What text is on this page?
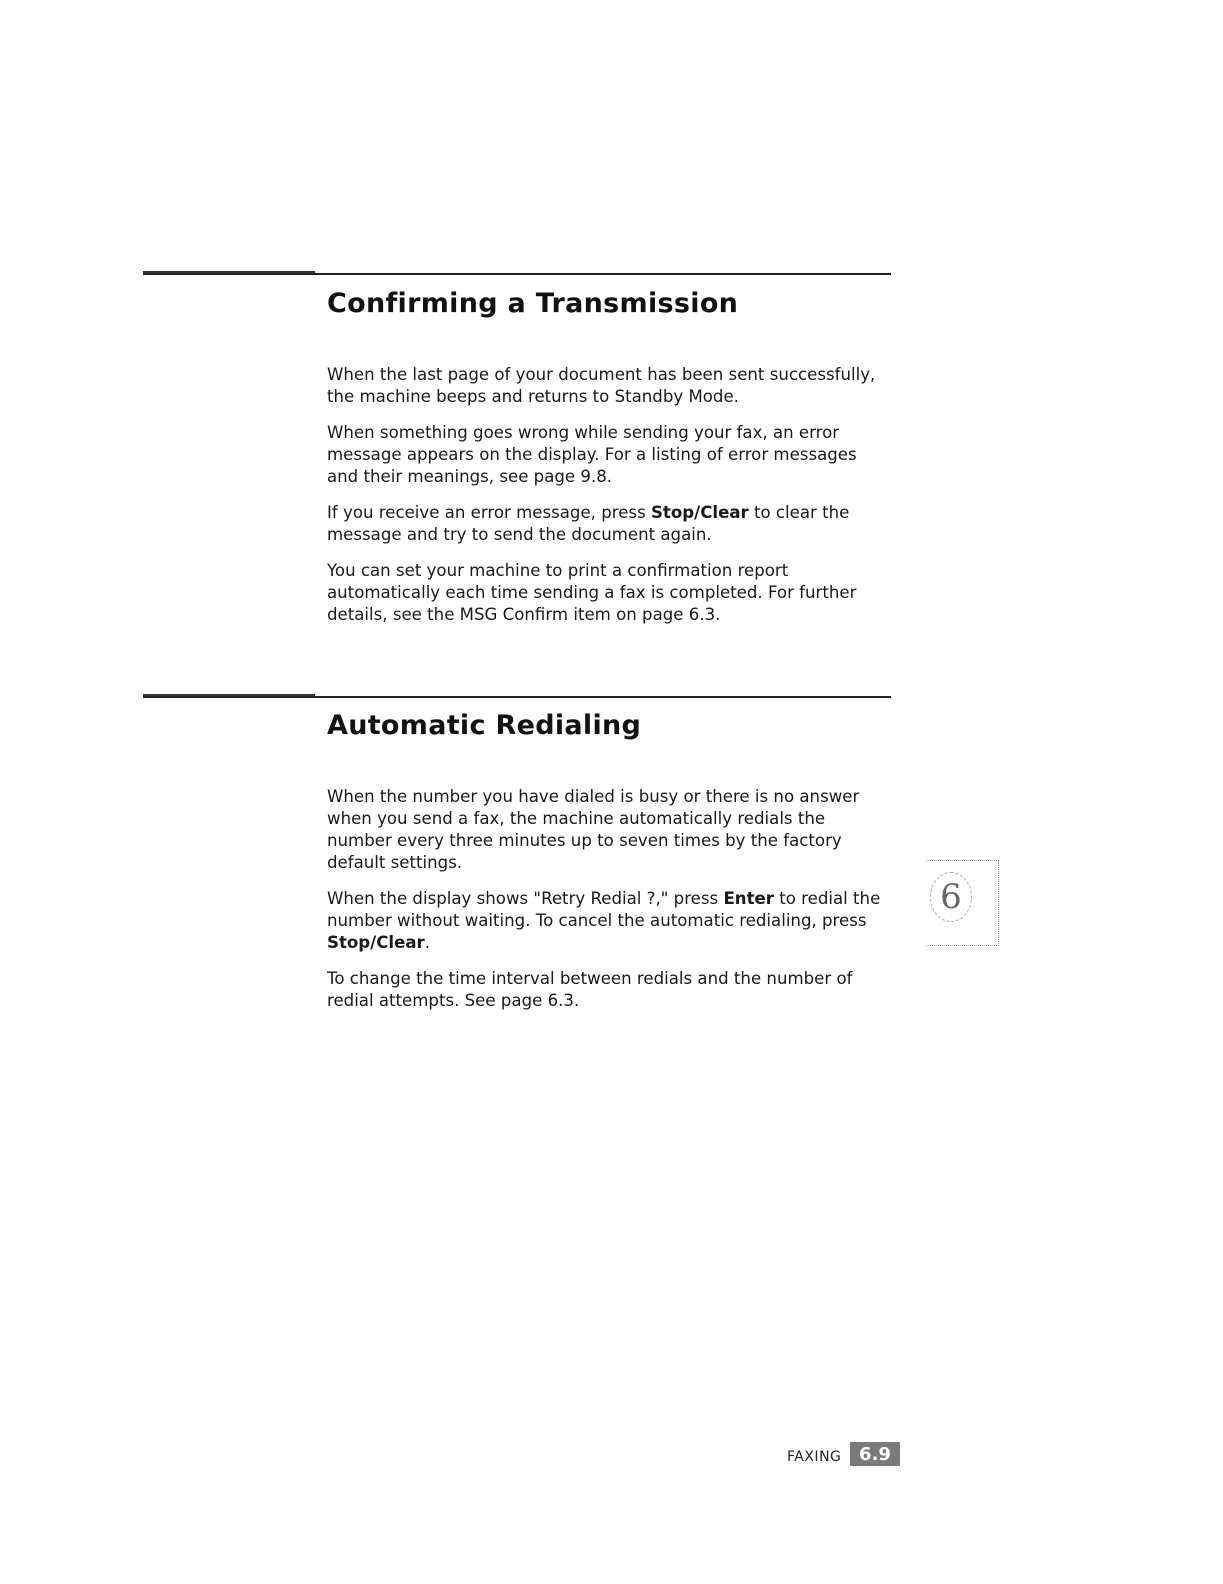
Confirming a Transmission

When the last page of your document has been sent successfully, the machine beeps and returns to Standby Mode.

When something goes wrong while sending your fax, an error message appears on the display. For a listing of error messages and their meanings, see page 9.8.

If you receive an error message, press Stop/Clear to clear the message and try to send the document again.

You can set your machine to print a confirmation report automatically each time sending a fax is completed. For further details, see the MSG Confirm item on page 6.3.

Automatic Redialing

When the number you have dialed is busy or there is no answer when you send a fax, the machine automatically redials the number every three minutes up to seven times by the factory default settings.

When the display shows "Retry Redial ?," press Enter to redial the number without waiting. To cancel the automatic redialing, press Stop/Clear.

To change the time interval between redials and the number of redial attempts. See page 6.3.

6
FAXING 6.9
